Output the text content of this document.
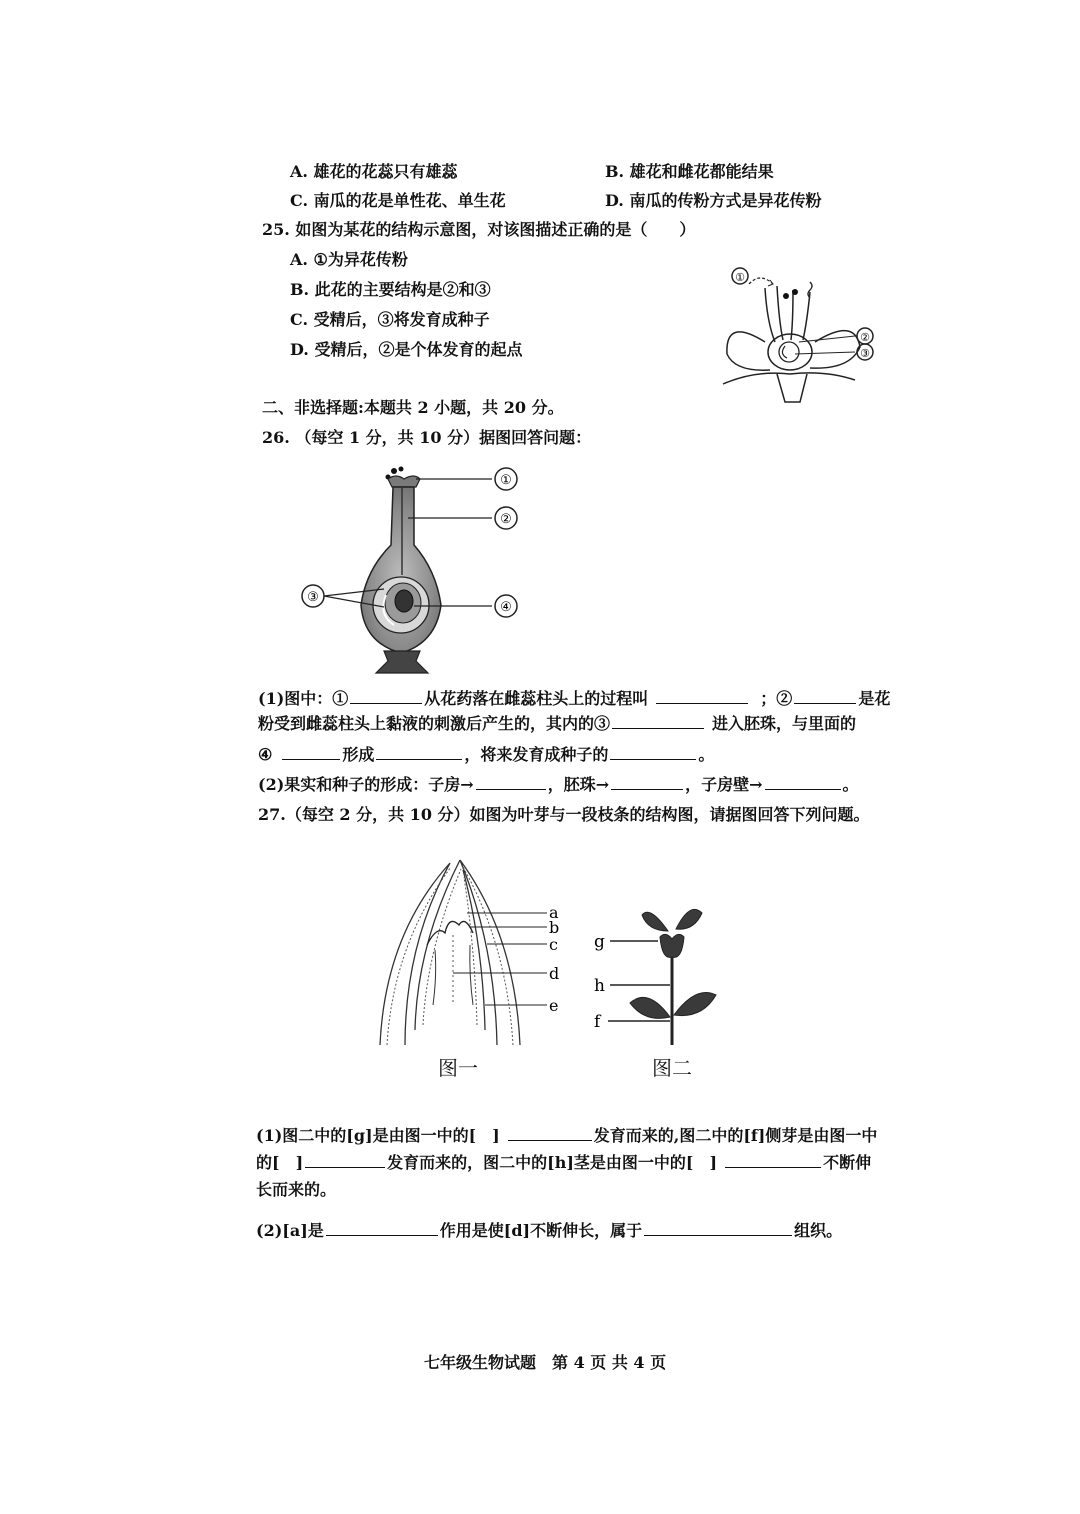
A. 雄花的花蕊只有雄蕊	B. 雄花和雌花都能结果
C. 南瓜的花是单性花、单生花	D. 南瓜的传粉方式是异花传粉
25. 如图为某花的结构示意图，对该图描述正确的是（　　）
A. ①为异花传粉
B. 此花的主要结构是②和③
C. 受精后，③将发育成种子
D. 受精后，②是个体发育的起点
①
②
③
二、非选择题:本题共 2 小题，共 20 分。
26. （每空 1 分，共 10 分）据图回答问题：
①
②
④
③
(1)图中：①	从花药落在雌蕊柱头上的过程叫	；②	是花
粉受到雌蕊柱头上黏液的刺激后产生的，其内的③	进入胚珠，与里面的
④	形成	，将来发育成种子的	。
(2)果实和种子的形成：子房→	，胚珠→	，子房壁→	。
27.（每空 2 分，共 10 分）如图为叶芽与一段枝条的结构图，请据图回答下列问题。
a
b
c
d
e
图一
g
h
f
图二
(1)图二中的[g]是由图一中的[　]	发育而来的,图二中的[f]侧芽是由图一中
的[　]	发育而来的，图二中的[h]茎是由图一中的[　]	不断伸
长而来的。
(2)[a]是	作用是使[d]不断伸长，属于	组织。
七年级生物试题　第 4 页 共 4 页
